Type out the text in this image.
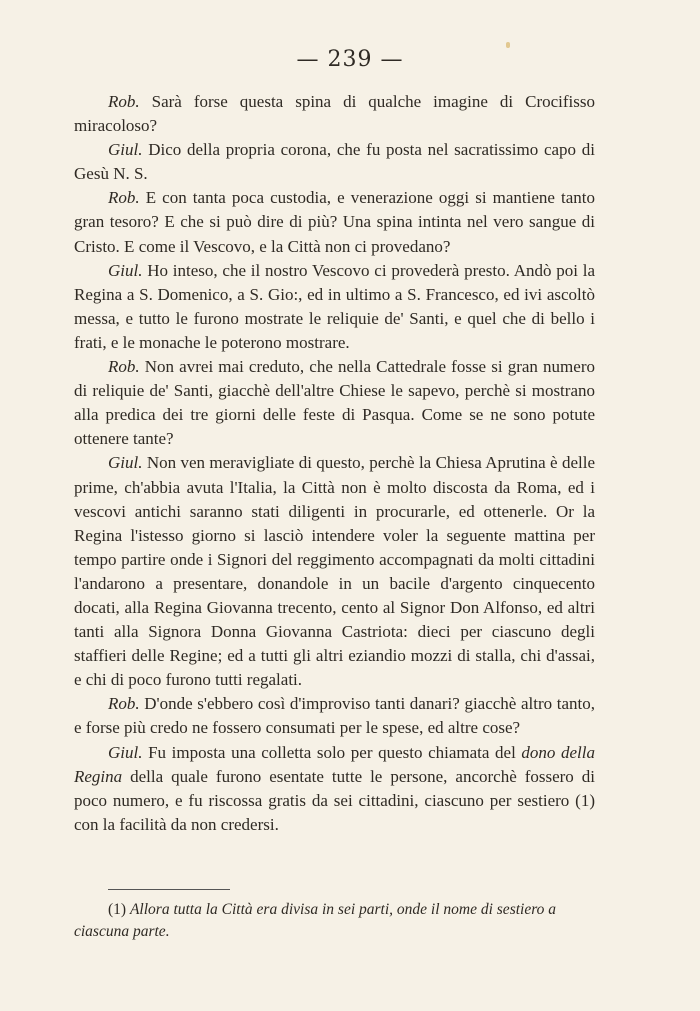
— 239 —

Rob. Sarà forse questa spina di qualche imagine di Crocifisso miracoloso?

Giul. Dico della propria corona, che fu posta nel sacratissimo capo di Gesù N. S.

Rob. E con tanta poca custodia, e venerazione oggi si mantiene tanto gran tesoro? E che si può dire di più? Una spina intinta nel vero sangue di Cristo. E come il Vescovo, e la Città non ci provedano?

Giul. Ho inteso, che il nostro Vescovo ci provederà presto. Andò poi la Regina a S. Domenico, a S. Gio:, ed in ultimo a S. Francesco, ed ivi ascoltò messa, e tutto le furono mostrate le reliquie de' Santi, e quel che di bello i frati, e le monache le poterono mostrare.

Rob. Non avrei mai creduto, che nella Cattedrale fosse si gran numero di reliquie de' Santi, giacchè dell'altre Chiese le sapevo, perchè si mostrano alla predica dei tre giorni delle feste di Pasqua. Come se ne sono potute ottenere tante?

Giul. Non ven meravigliate di questo, perchè la Chiesa Aprutina è delle prime, ch'abbia avuta l'Italia, la Città non è molto discosta da Roma, ed i vescovi antichi saranno stati diligenti in procurarle, ed ottenerle. Or la Regina l'istesso giorno si lasciò intendere voler la seguente mattina per tempo partire onde i Signori del reggimento accompagnati da molti cittadini l'andarono a presentare, donandole in un bacile d'argento cinquecento docati, alla Regina Giovanna trecento, cento al Signor Don Alfonso, ed altri tanti alla Signora Donna Giovanna Castriota: dieci per ciascuno degli staffieri delle Regine; ed a tutti gli altri eziandio mozzi di stalla, chi d'assai, e chi di poco furono tutti regalati.

Rob. D'onde s'ebbero così d'improviso tanti danari? giacchè altro tanto, e forse più credo ne fossero consumati per le spese, ed altre cose?

Giul. Fu imposta una colletta solo per questo chiamata del dono della Regina della quale furono esentate tutte le persone, ancorchè fossero di poco numero, e fu riscossa gratis da sei cittadini, ciascuno per sestiero (1) con la facilità da non credersi.

(1) Allora tutta la Città era divisa in sei parti, onde il nome di sestiero a ciascuna parte.
